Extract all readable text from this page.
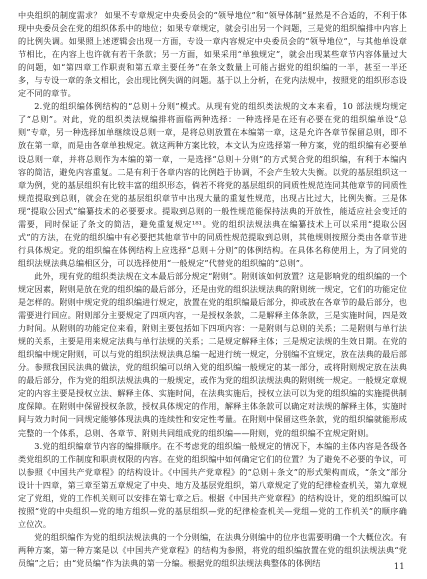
中央组织的制度需求？ 如果不专章规定中央委员会的“领导地位”和“领导体制”显然是不合适的，不利于体现中央委员会在党的组织体系中的地位；如果专章规定，就会引出另一个问题，三是党的组织编排中内容上的比例失调。如果照上述逻辑会出现一方面，专设一章内容规定中央委员会的“领导地位”，与其他单设章节相比，在内容上也许就有若干条款；另一方面，如果采用“单独规定”，就会出现某些章节内容体量过大的问题，如“第四章工作职责和第五章主要任务”在条文数量上可能占据党的组织编的一半，甚至一半还多，与专设一章的条文相比，会出现比例失调的问题。基于以上分析，在党内法规中，按照党的组织形态设定不同的章节。

2.党的组织编体例结构的“总则＋分则”模式。从现有党的组织类法规的文本来看，10 部法规均规定了“总则”。对此，党的组织类法规编排将面临两种选择：一种选择是在还有必要在党的组织编单设“总则”专章，另一种选择加单继续设总则一章，是将总则放置在本编第一章，这是允许各章节保留总则，即不放在第一章，而是由各章单独规定。就这两种方案比较，本文认为应选择第一种方案，党的组织编有必要单设总则一章，并将总则作为本编的第一章，一是选择“总则＋分则”的方式契合党的组织编，有利于本编内容的简洁，避免内容重复。二是有利于各章内容的比例趋于协调，不会产生较大失衡。以党的基层组织这一章为例，党的基层组织有比较丰富的组织形态，倘若不将党的基层组织的同质性规范连同其他章节的同质性规范提取到总则，就会在党的基层组织章节中出现大量的重复性规范，出现占比过大，比例失衡。三是体现“提取公因式”编纂技术的必要要求。提取到总则的一般性规范能保持法典的开放性，能适应社会变迁的需要，同时保证了条文的简洁，避免重复规定¹⁸¹。党的组织法规法典在编纂技术上可以采用“提取公因式”的方法，在党的组织编中有必要把其他章节中的同质性规范提取到总则，其他规则按照分类由各章节进行具体规定。党的组织编在体例结构上应选择“总则＋分则”的体例结构。在具体名称使用上，为了同党的组织法规法典总编相区分，可以选择使用“一般规定”代替党的组织编的“总则”。

此外，现有党的组织类法规在文本最后部分规定“附则”。附则该如何放置？这是影响党的组织编的一个规定因素，附则是放在党的组织编的最后部分，还是由党的组织法规法典的附则统一规定，它们的功能定位是怎样的。附则中规定党的组织编进行规定，放置在党的组织编最后部分，抑或放在各章节的最后部分，也需要进行回应。附则部分主要规定了四项内容，一是授权条款，二是解释主体条款，三是实施时间，四是效力时间。从附则的功能定位来看，附则主要包括如下四项内容：一是附则与总则的关系；二是附则与单行法规的关系，主要是用来规定法典与单行法规的关系；二是规定解释主体；三是规定法规的生效日期。在党的组织编中规定附则，可以与党的组织法规法典总编一起进行统一规定，分别编不宜规定，放在法典的最后部分。参照我国民法典的做法，党的组织编可以纳入党的组织编一般规定的某一部分，或将附则规定放在法典的最后部分，作为党的组织法规法典的一般规定，或作为党的组织法规法典的附则统一规定。一般规定章规定的内容主要是授权立法、解释主体、实施时间，在法典实施后，授权立法可以为党的组织编的实施提供制度保障。在附则中保留授权条款，授权具体规定的作用，解释主体条款可以确定对法规的解释主体，实施时间与效力时间一同规定能够体现法典的连续性和安定性考量。在附则中保留这些条款，党的组织编就能形成完整的一个体系，总则、各章节、附则共同组成党的组织编——附则，党的组织编不宜规定附则。

3.党的组织编章节内容的编排顺序。在不考虑党的组织编一般规定的情况下，本编的主体内容是各级各类党组织的工作制度和职责权限的内容。在党的组织编中如何确定它们的位置？为了避免不必要的争议，可以参照《中国共产党章程》的结构设计。《中国共产党章程》的“总则＋条文”的形式架构而成，“条文”部分设计十四章，第三章至第五章规定了中央、地方及基层党组织，第八章规定了党的纪律检查机关，第九章规定了党组，党的工作机关则可以安排在第七章之后。根据《中国共产党章程》的结构设计，党的组织编可以按照“党的中央组织—党的地方组织—党的基层组织—党的纪律检查机关—党组—党的工作机关”的顺序确立位次。

党的组织编作为党的组织法规法典的一个分则编，在法典分则编中的位序也需要明确一个大概位次。有两种方案，第一种方案是以《中国共产党章程》的结构为参照，将党的组织编放置在党的组织法规法典“党员编”之后；由“党员编”作为法典的第一分编。根据党的组织法规法典整体的体例结	11
